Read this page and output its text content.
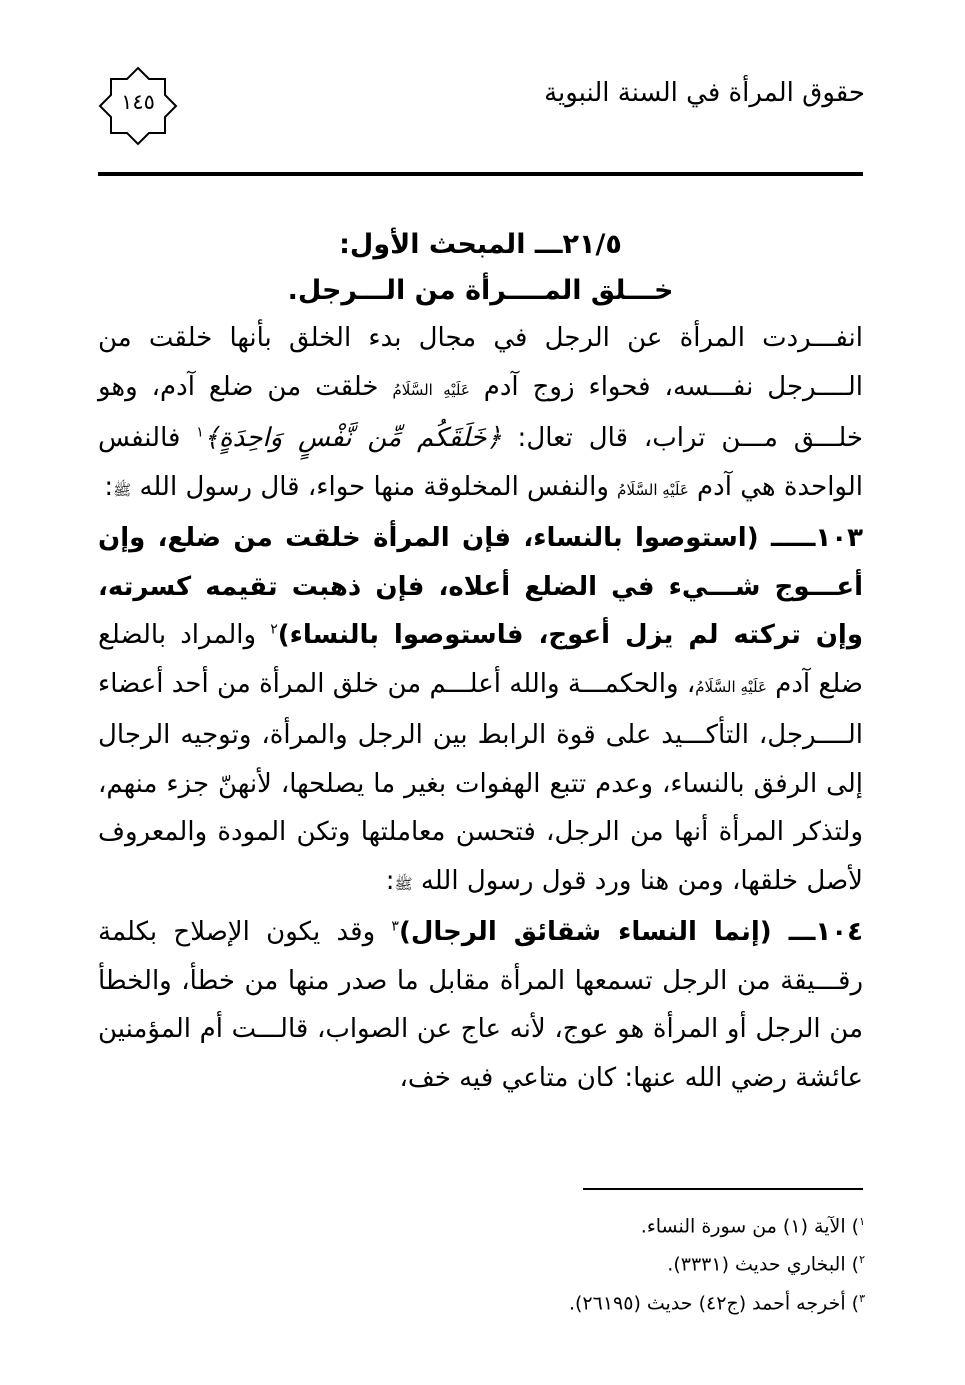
حقوق المرأة في السنة النبوية
١٤٥
٢١/٥ـــ المبحث الأول:
خـــلق المــــرأة من الـــرجل.

انفـــردت المرأة عن الرجل في مجال بدء الخلق بأنها خلقت من الــــرجل نفـــسه، فحواء زوج آدم عَلَيْهِ السَّلَامُ خلقت من ضلع آدم، وهو خلـــق مـــن تراب، قال تعال: ﴿خَلَقَكُم مِّن نَّفْسٍ وَاحِدَةٍ﴾$^١$ فالنفس الواحدة هي آدم عَلَيْهِ السَّلَامُ والنفس المخلوقة منها حواء، قال رسول الله ﷺ:

١٠٣ـــــ (استوصوا بالنساء، فإن المرأة خلقت من ضلع، وإن أعـــوج شـــيء في الضلع أعلاه، فإن ذهبت تقيمه كسرته، وإن تركته لم يزل أعوج، فاستوصوا بالنساء)$^٢$ والمراد بالضلع ضلع آدم عَلَيْهِ السَّلَامُ، والحكمـــة والله أعلـــم من خلق المرأة من أحد أعضاء الــــرجل، التأكـــيد على قوة الرابط بين الرجل والمرأة، وتوجيه الرجال إلى الرفق بالنساء، وعدم تتبع الهفوات بغير ما يصلحها، لأنهنّ جزء منهم، ولتذكر المرأة أنها من الرجل، فتحسن معاملتها وتكن المودة والمعروف لأصل خلقها، ومن هنا ورد قول رسول الله ﷺ:

١٠٤ـــ (إنما النساء شقائق الرجال)$^٣$ وقد يكون الإصلاح بكلمة رقـــيقة من الرجل تسمعها المرأة مقابل ما صدر منها من خطأ، والخطأ من الرجل أو المرأة هو عوج، لأنه عاج عن الصواب، قالـــت أم المؤمنين عائشة رضي الله عنها: كان متاعي فيه خف،

$^١$) الآية (١) من سورة النساء.
$^٢$) البخاري حديث (٣٣٣١).
$^٣$) أخرجه أحمد (ج٤٢) حديث (٢٦١٩٥).
